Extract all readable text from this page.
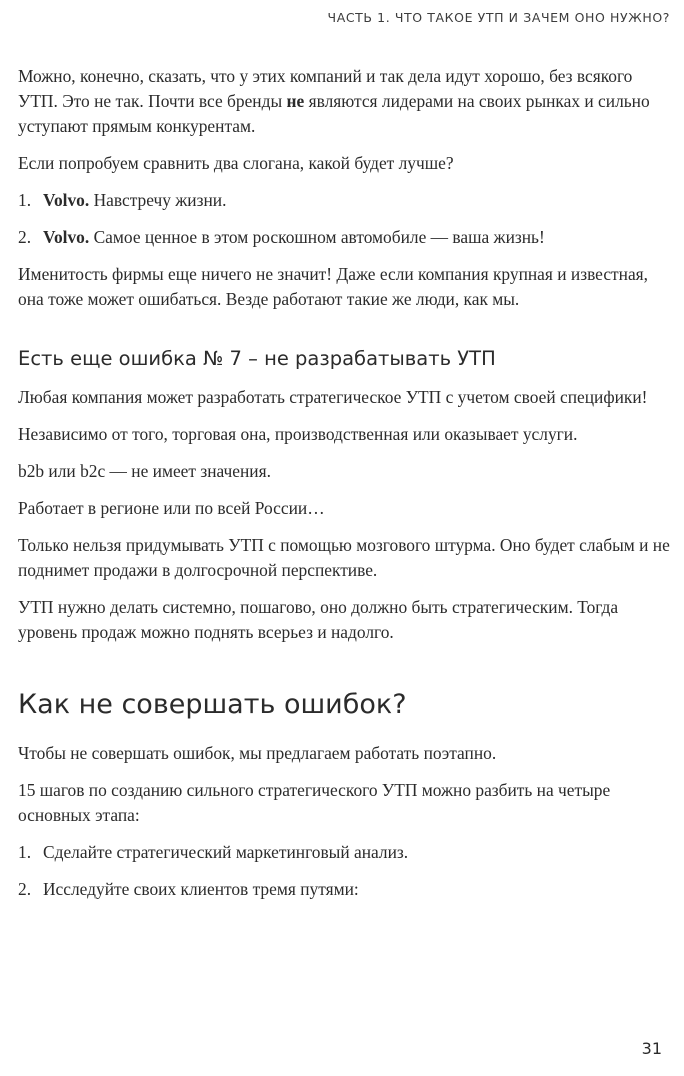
ЧАСТЬ 1. ЧТО ТАКОЕ УТП И ЗАЧЕМ ОНО НУЖНО?

Можно, конечно, сказать, что у этих компаний и так дела идут хорошо, без всякого УТП. Это не так. Почти все бренды не являются лидерами на своих рынках и сильно уступают прямым конкурентам.

Если попробуем сравнить два слогана, какой будет лучше?

1. Volvo. Навстречу жизни.
2. Volvo. Самое ценное в этом роскошном автомобиле — ваша жизнь!

Именитость фирмы еще ничего не значит! Даже если компания крупная и известная, она тоже может ошибаться. Везде работают такие же люди, как мы.

Есть еще ошибка № 7 – не разрабатывать УТП

Любая компания может разработать стратегическое УТП с учетом своей специфики!

Независимо от того, торговая она, производственная или оказывает услуги.

b2b или b2c — не имеет значения.

Работает в регионе или по всей России…

Только нельзя придумывать УТП с помощью мозгового штурма. Оно будет слабым и не поднимет продажи в долгосрочной перспективе.

УТП нужно делать системно, пошагово, оно должно быть стратегическим. Тогда уровень продаж можно поднять всерьез и надолго.

Как не совершать ошибок?

Чтобы не совершать ошибок, мы предлагаем работать поэтапно.

15 шагов по созданию сильного стратегического УТП можно разбить на четыре основных этапа:

1. Сделайте стратегический маркетинговый анализ.
2. Исследуйте своих клиентов тремя путями:
31
